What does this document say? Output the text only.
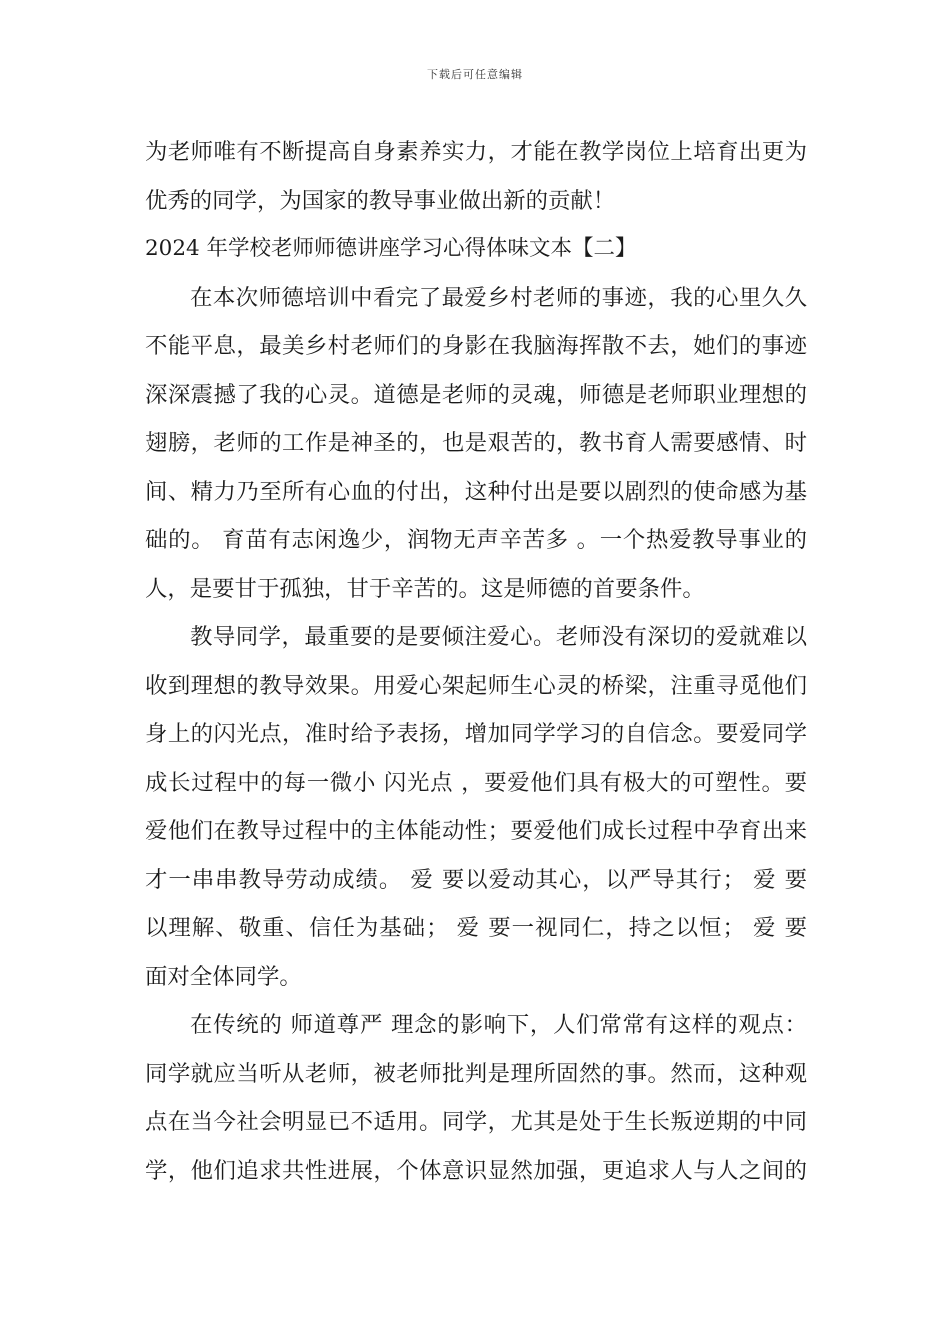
下载后可任意编辑
为老师唯有不断提高自身素养实力，才能在教学岗位上培育出更为
优秀的同学，为国家的教导事业做出新的贡献！
2024 年学校老师师德讲座学习心得体味文本【二】
在本次师德培训中看完了最爱乡村老师的事迹，我的心里久久
不能平息，最美乡村老师们的身影在我脑海挥散不去，她们的事迹
深深震撼了我的心灵。道德是老师的灵魂，师德是老师职业理想的
翅膀，老师的工作是神圣的，也是艰苦的，教书育人需要感情、时
间、精力乃至所有心血的付出，这种付出是要以剧烈的使命感为基
础的。 育苗有志闲逸少，润物无声辛苦多 。一个热爱教导事业的
人，是要甘于孤独，甘于辛苦的。这是师德的首要条件。
教导同学，最重要的是要倾注爱心。老师没有深切的爱就难以
收到理想的教导效果。用爱心架起师生心灵的桥梁，注重寻觅他们
身上的闪光点，准时给予表扬，增加同学学习的自信念。要爱同学
成长过程中的每一微小 闪光点 ，要爱他们具有极大的可塑性。要
爱他们在教导过程中的主体能动性；要爱他们成长过程中孕育出来
才一串串教导劳动成绩。 爱 要以爱动其心，以严导其行； 爱 要
以理解、敬重、信任为基础； 爱 要一视同仁，持之以恒； 爱 要
面对全体同学。
在传统的 师道尊严 理念的影响下，人们常常有这样的观点：
同学就应当听从老师，被老师批判是理所固然的事。然而，这种观
点在当今社会明显已不适用。同学，尤其是处于生长叛逆期的中同
学，他们追求共性进展，个体意识显然加强，更追求人与人之间的
